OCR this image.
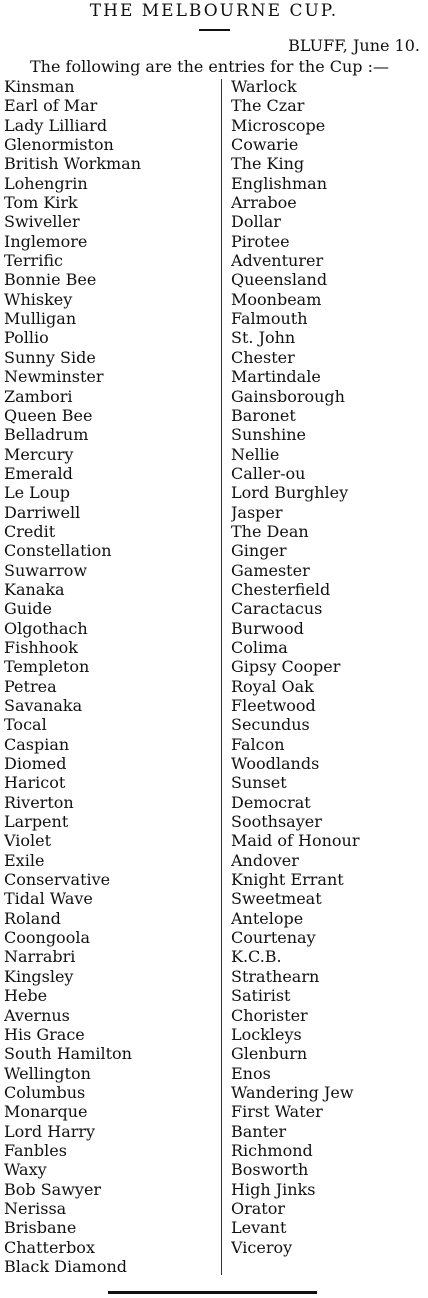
THE MELBOURNE CUP.
BLUFF, June 10.
The following are the entries for the Cup :—
Kinsman
Earl of Mar
Lady Lilliard
Glenormiston
British Workman
Lohengrin
Tom Kirk
Swiveller
Inglemore
Terrific
Bonnie Bee
Whiskey
Mulligan
Pollio
Sunny Side
Newminster
Zambori
Queen Bee
Belladrum
Mercury
Emerald
Le Loup
Darriwell
Credit
Constellation
Suwarrow
Kanaka
Guide
Olgothach
Fishhook
Templeton
Petrea
Savanaka
Tocal
Caspian
Diomed
Haricot
Riverton
Larpent
Violet
Exile
Conservative
Tidal Wave
Roland
Coongoola
Narrabri
Kingsley
Hebe
Avernus
His Grace
South Hamilton
Wellington
Columbus
Monarque
Lord Harry
Fanbles
Waxy
Bob Sawyer
Nerissa
Brisbane
Chatterbox
Black Diamond
Warlock
The Czar
Microscope
Cowarie
The King
Englishman
Arraboe
Dollar
Pirotee
Adventurer
Queensland
Moonbeam
Falmouth
St. John
Chester
Martindale
Gainsborough
Baronet
Sunshine
Nellie
Caller-ou
Lord Burghley
Jasper
The Dean
Ginger
Gamester
Chesterfield
Caractacus
Burwood
Colima
Gipsy Cooper
Royal Oak
Fleetwood
Secundus
Falcon
Woodlands
Sunset
Democrat
Soothsayer
Maid of Honour
Andover
Knight Errant
Sweetmeat
Antelope
Courtenay
K.C.B.
Strathearn
Satirist
Chorister
Lockleys
Glenburn
Enos
Wandering Jew
First Water
Banter
Richmond
Bosworth
High Jinks
Orator
Levant
Viceroy
